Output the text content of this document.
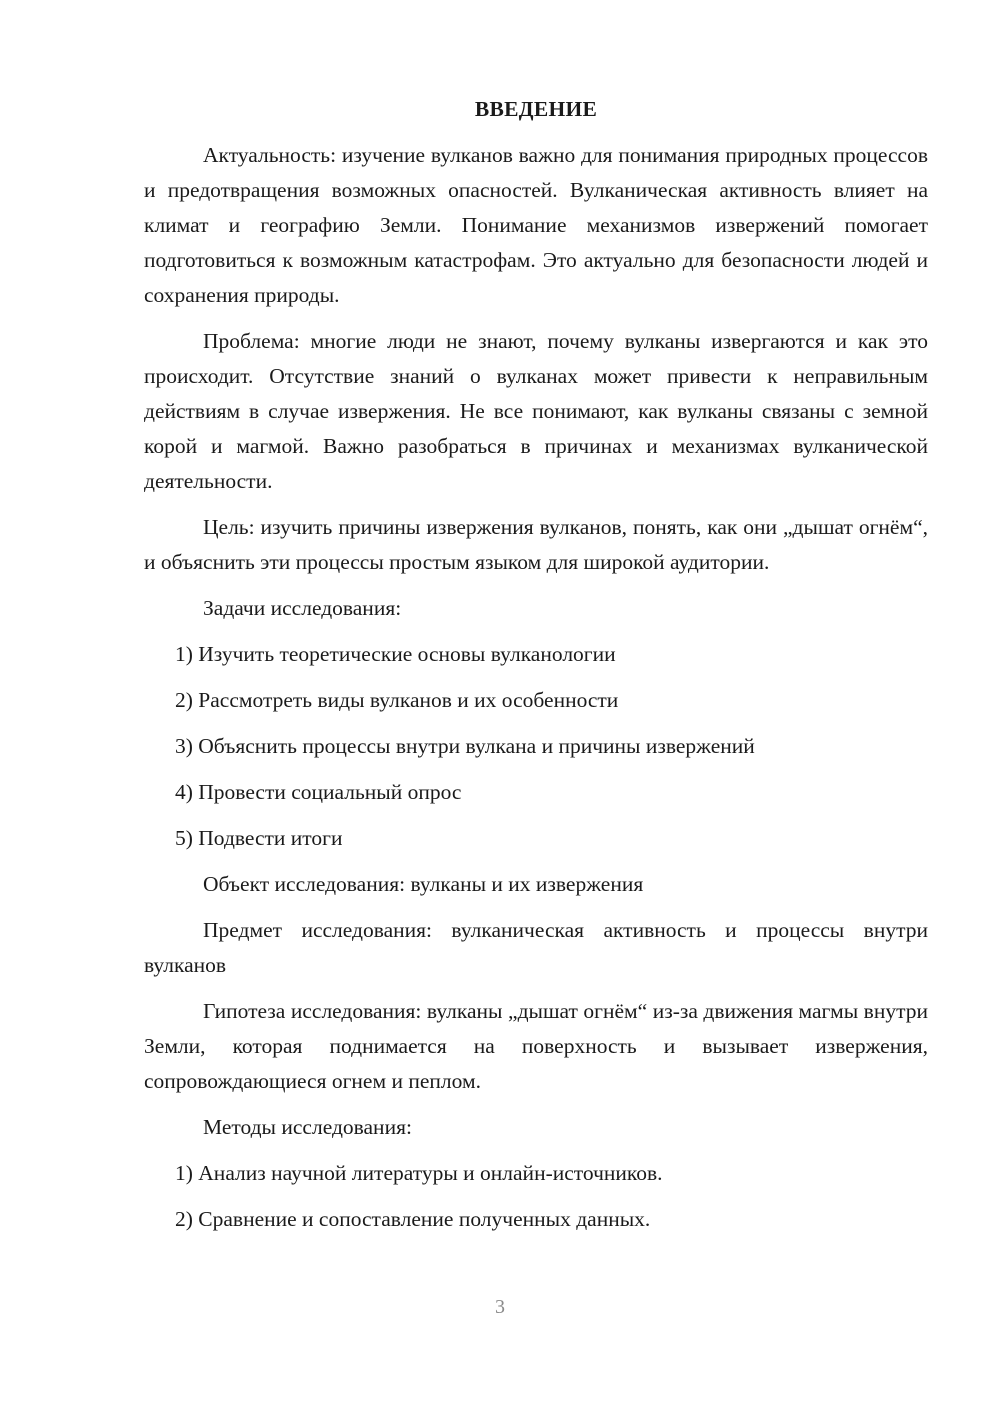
ВВЕДЕНИЕ

Актуальность: изучение вулканов важно для понимания природных процессов и предотвращения возможных опасностей. Вулканическая активность влияет на климат и географию Земли. Понимание механизмов извержений помогает подготовиться к возможным катастрофам. Это актуально для безопасности людей и сохранения природы.

Проблема: многие люди не знают, почему вулканы извергаются и как это происходит. Отсутствие знаний о вулканах может привести к неправильным действиям в случае извержения. Не все понимают, как вулканы связаны с земной корой и магмой. Важно разобраться в причинах и механизмах вулканической деятельности.

Цель: изучить причины извержения вулканов, понять, как они „дышат огнём“, и объяснить эти процессы простым языком для широкой аудитории.

Задачи исследования:
1) Изучить теоретические основы вулканологии
2) Рассмотреть виды вулканов и их особенности
3) Объяснить процессы внутри вулкана и причины извержений
4) Провести социальный опрос
5) Подвести итоги

Объект исследования: вулканы и их извержения

Предмет исследования: вулканическая активность и процессы внутри вулканов

Гипотеза исследования: вулканы „дышат огнём“ из-за движения магмы внутри Земли, которая поднимается на поверхность и вызывает извержения, сопровождающиеся огнем и пеплом.

Методы исследования:
1) Анализ научной литературы и онлайн-источников.
2) Сравнение и сопоставление полученных данных.
3
